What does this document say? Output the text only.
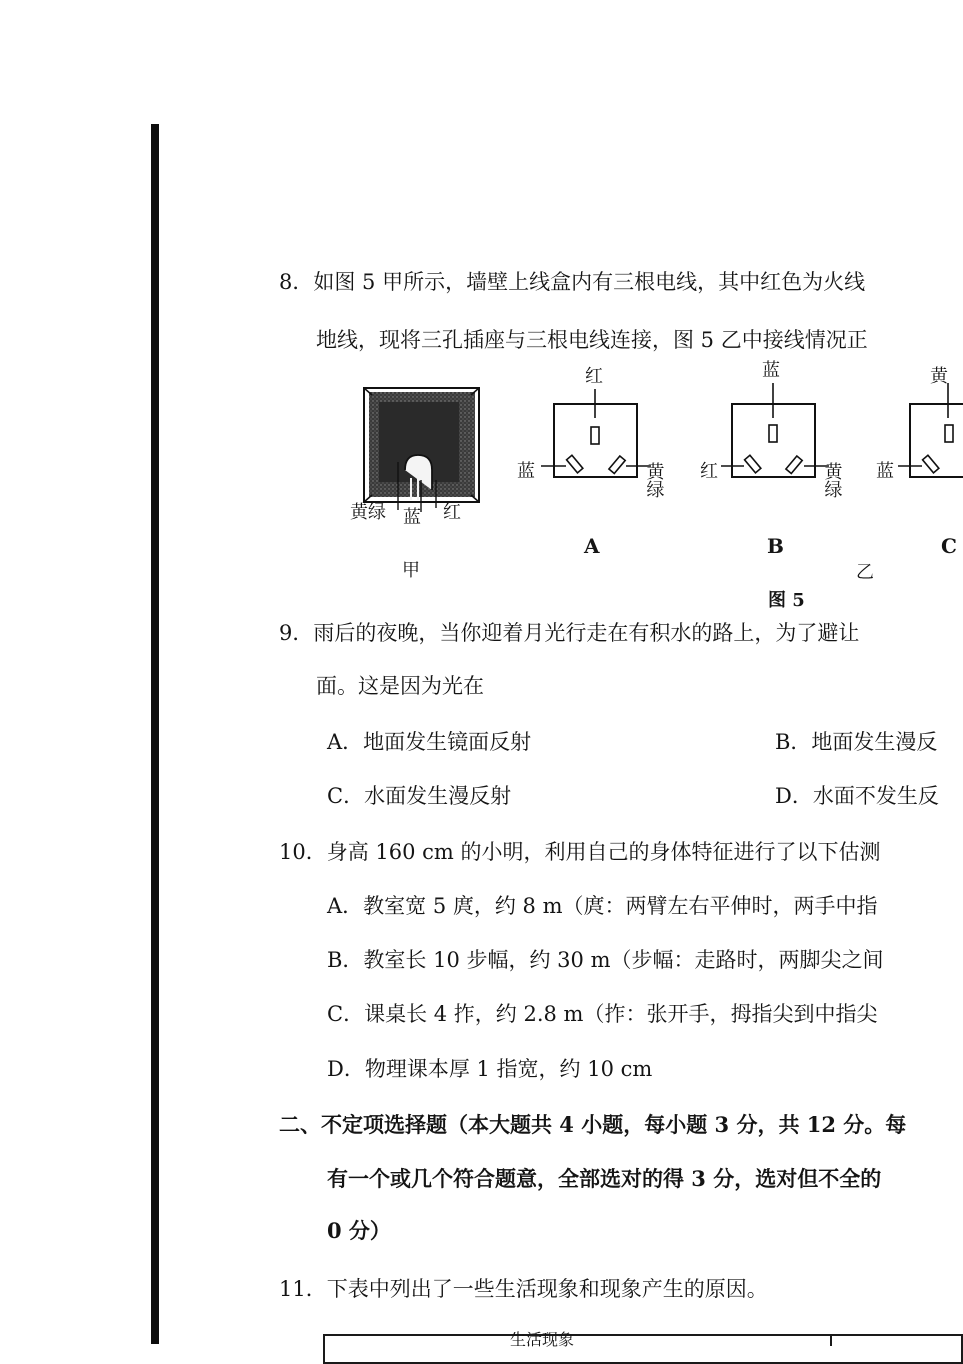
8．如图 5 甲所示，墙壁上线盒内有三根电线，其中红色为火线
地线，现将三孔插座与三根电线连接，图 5 乙中接线情况正
黄绿 蓝 红
甲
红
蓝	黄绿
A
蓝
红	黄绿
B
黄
蓝
C
乙
图 5
9．雨后的夜晚，当你迎着月光行走在有积水的路上，为了避让
面。这是因为光在
A．地面发生镜面反射	B．地面发生漫反
C．水面发生漫反射	D．水面不发生反
10．身高 160 cm 的小明，利用自己的身体特征进行了以下估测
A．教室宽 5 庹，约 8 m（庹：两臂左右平伸时，两手中指
B．教室长 10 步幅，约 30 m（步幅：走路时，两脚尖之间
C．课桌长 4 拃，约 2.8 m（拃：张开手，拇指尖到中指尖
D．物理课本厚 1 指宽，约 10 cm
二、不定项选择题（本大题共 4 小题，每小题 3 分，共 12 分。每
有一个或几个符合题意，全部选对的得 3 分，选对但不全的
0 分）
11．下表中列出了一些生活现象和现象产生的原因。
生活现象
